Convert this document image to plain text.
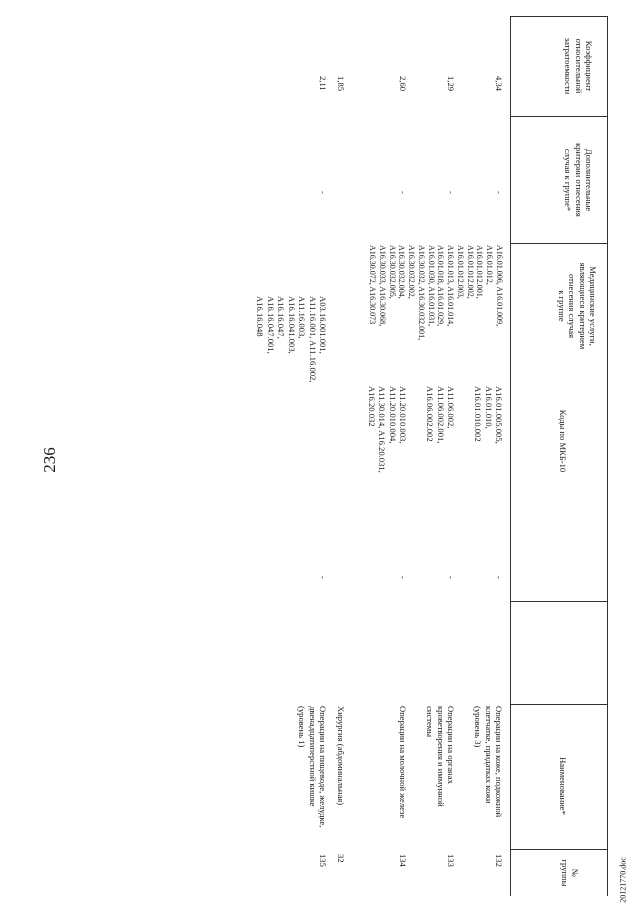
236
20121770.doc
Коэффициент
относительной
затратоемкости
Дополнительные
критерии отнесения
случая к группе*
Медицинские услуги,
являющиеся критерием
отнесения случая
к группе
Коды по МКБ-10
Наименование*
№
группы
A16.01.006, A16.01.009,
A16.01.012,
A16.01.012.001,
A16.01.012.002,
A16.01.012.003,
A16.01.013, A16.01.014,
A16.01.018, A16.01.029,
A16.01.030, A16.01.031,
A16.30.032, A16.30.032.001,
A16.30.032.002,
A16.30.032.004,
A16.30.032.005,
A16.30.033, A16.30.068,
A16.30.072, A16.30.073
132
Операции на коже, подкожной
клетчатке, придатках кожи
(уровень 3)
-
A16.01.005.005,
A16.01.010,
A16.01.010.002
-
4,34
133
Операции на органах
кроветворения и иммунной
системы
-
A11.06.002,
A11.06.002.001,
A16.06.002.002
-
1,29
134
Операции на молочной железе
-
A11.20.010.003,
A11.20.010.004,
A11.30.014, A16.20.031,
A16.20.032
-
2,60
32
Хирургия (абдоминальная)
1,85
135
Операции на пищеводе, желудке,
двенадцатиперстной кишке
(уровень 1)
-
A03.16.001.001,
A11.16.001, A11.16.002,
A11.16.003,
A16.16.041.003,
A16.16.047,
A16.16.047.001,
A16.16.048
-
2,11
